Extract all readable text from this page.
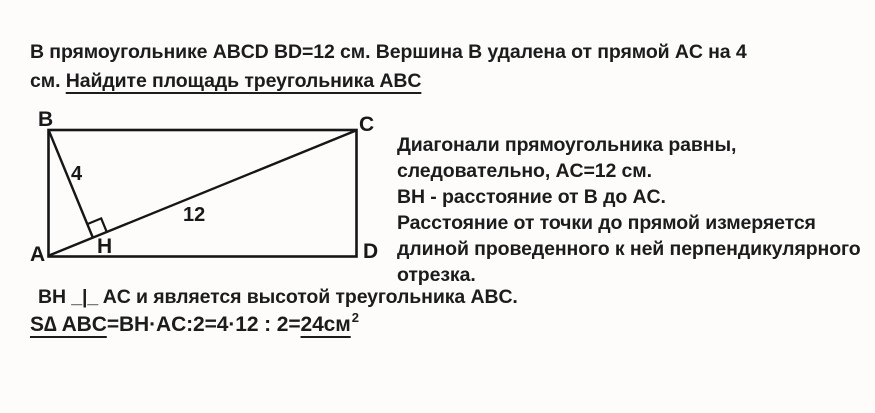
В прямоугольнике ABCD BD=12 см. Вершина B удалена от прямой AC на 4
см. Найдите площадь треугольника ABC
B	C
A	D
H
4
12
Диагонали прямоугольника равны,
следовательно, AC=12 см.
BH - расстояние от B до AC.
Расстояние от точки до прямой измеряется
длиной проведенного к ней перпендикулярного
отрезка.
BH _|_ AC и является высотой треугольника ABC.
S∆ ABC=BH·AC:2=4·12 : $2=24см^2$
